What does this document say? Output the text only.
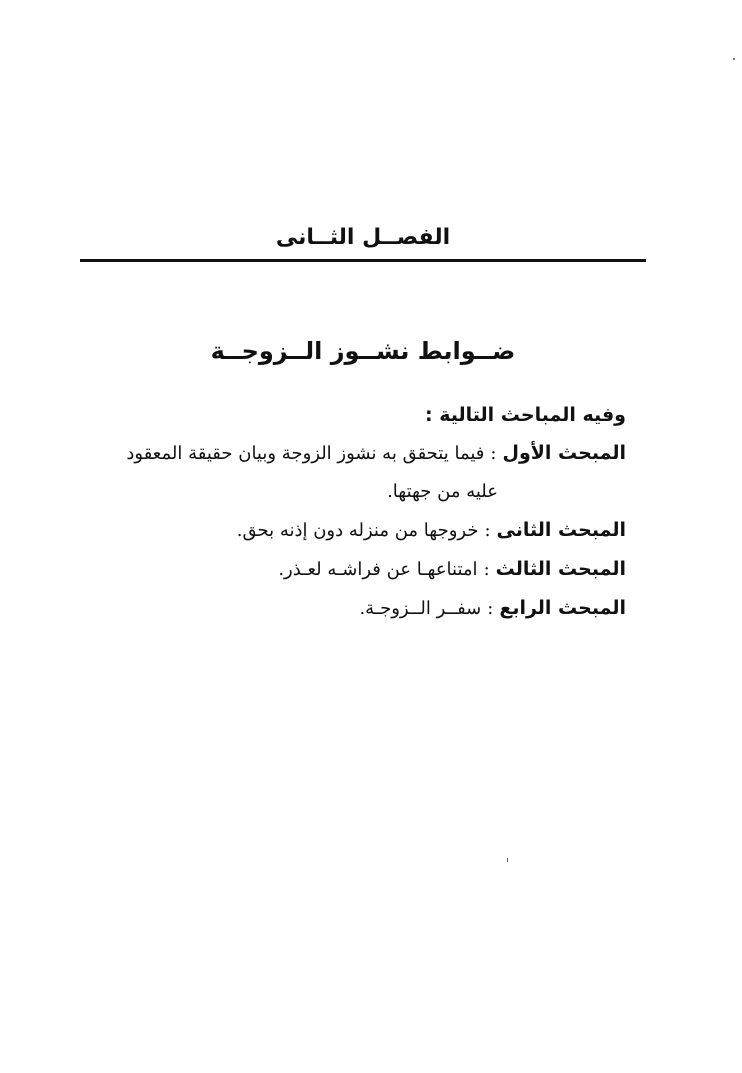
الفصــل الثــانى
ضــوابط نشــوز الــزوجــة
وفيه المباحث التالية :
المبحث الأول:فيما يتحقق به نشوز الزوجة وبيان حقيقة المعقود
عليه من جهتها.
المبحث الثانى:خروجها من منزله دون إذنه بحق.
المبحث الثالث:امتناعهـا عن فراشـه لعـذر.
المبحث الرابع:سفــر الــزوجـة.
